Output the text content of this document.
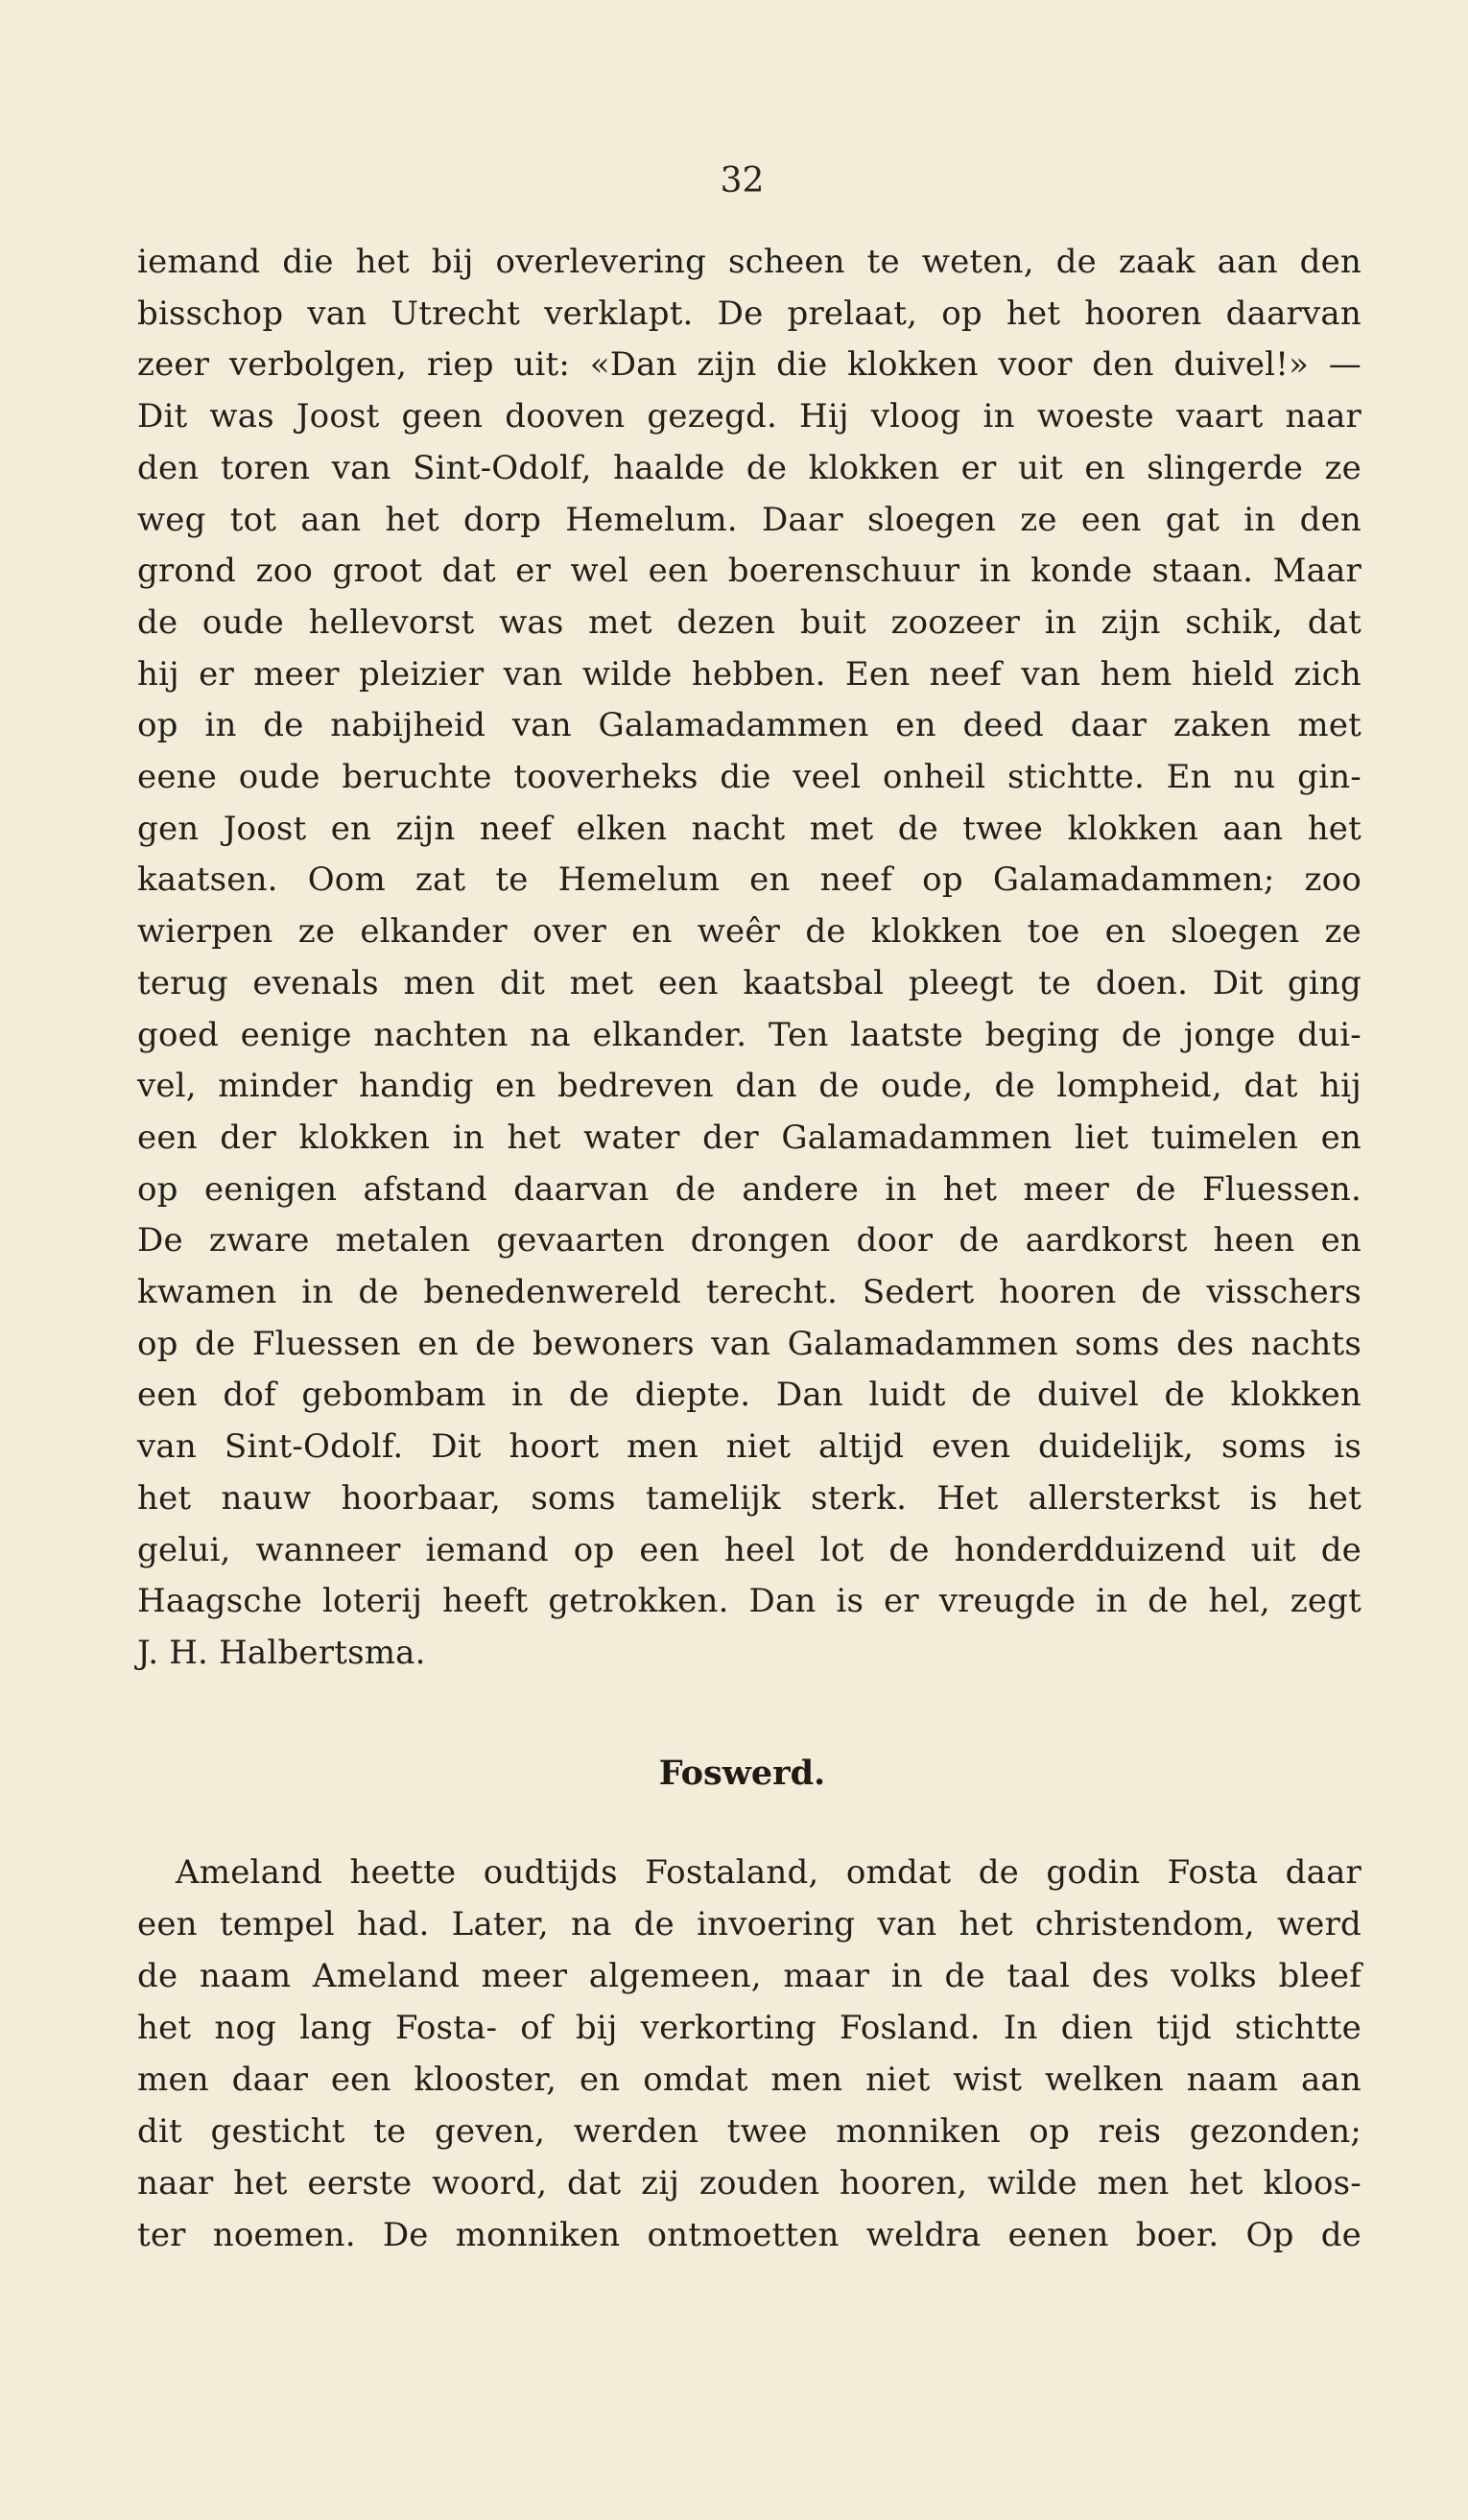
32

iemand die het bij overlevering scheen te weten, de zaak aan den

bisschop van Utrecht verklapt. De prelaat, op het hooren daarvan

zeer verbolgen, riep uit: «Dan zijn die klokken voor den duivel!» —

Dit was Joost geen dooven gezegd. Hij vloog in woeste vaart naar

den toren van Sint-Odolf, haalde de klokken er uit en slingerde ze

weg tot aan het dorp Hemelum. Daar sloegen ze een gat in den

grond zoo groot dat er wel een boerenschuur in konde staan. Maar

de oude hellevorst was met dezen buit zoozeer in zijn schik, dat

hij er meer pleizier van wilde hebben. Een neef van hem hield zich

op in de nabijheid van Galamadammen en deed daar zaken met

eene oude beruchte tooverheks die veel onheil stichtte. En nu gin-

gen Joost en zijn neef elken nacht met de twee klokken aan het

kaatsen. Oom zat te Hemelum en neef op Galamadammen; zoo

wierpen ze elkander over en weêr de klokken toe en sloegen ze

terug evenals men dit met een kaatsbal pleegt te doen. Dit ging

goed eenige nachten na elkander. Ten laatste beging de jonge dui-

vel, minder handig en bedreven dan de oude, de lompheid, dat hij

een der klokken in het water der Galamadammen liet tuimelen en

op eenigen afstand daarvan de andere in het meer de Fluessen.

De zware metalen gevaarten drongen door de aardkorst heen en

kwamen in de benedenwereld terecht. Sedert hooren de visschers

op de Fluessen en de bewoners van Galamadammen soms des nachts

een dof gebombam in de diepte. Dan luidt de duivel de klokken

van Sint-Odolf. Dit hoort men niet altijd even duidelijk, soms is

het nauw hoorbaar, soms tamelijk sterk. Het allersterkst is het

gelui, wanneer iemand op een heel lot de honderdduizend uit de

Haagsche loterij heeft getrokken. Dan is er vreugde in de hel, zegt

J. H. Halbertsma.

Foswerd.

Ameland heette oudtijds Fostaland, omdat de godin Fosta daar

een tempel had. Later, na de invoering van het christendom, werd

de naam Ameland meer algemeen, maar in de taal des volks bleef

het nog lang Fosta- of bij verkorting Fosland. In dien tijd stichtte

men daar een klooster, en omdat men niet wist welken naam aan

dit gesticht te geven, werden twee monniken op reis gezonden;

naar het eerste woord, dat zij zouden hooren, wilde men het kloos-

ter noemen. De monniken ontmoetten weldra eenen boer. Op de
